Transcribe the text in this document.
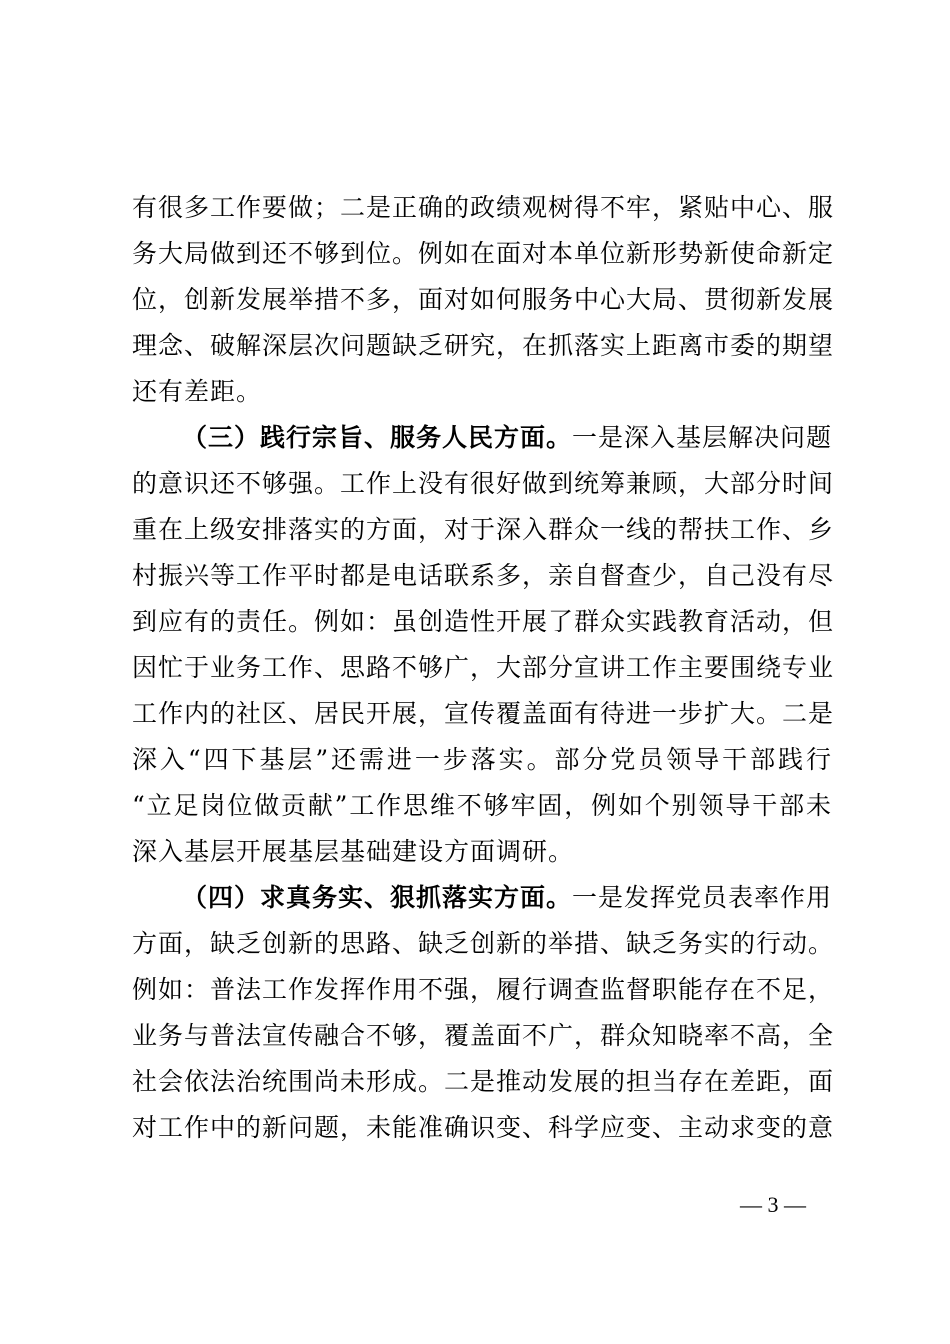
有很多工作要做；二是正确的政绩观树得不牢，紧贴中心、服
务大局做到还不够到位。例如在面对本单位新形势新使命新定
位，创新发展举措不多，面对如何服务中心大局、贯彻新发展
理念、破解深层次问题缺乏研究，在抓落实上距离市委的期望
还有差距。
（三）践行宗旨、服务人民方面。一是深入基层解决问题
的意识还不够强。工作上没有很好做到统筹兼顾，大部分时间
重在上级安排落实的方面，对于深入群众一线的帮扶工作、乡
村振兴等工作平时都是电话联系多，亲自督查少，自己没有尽
到应有的责任。例如：虽创造性开展了群众实践教育活动，但
因忙于业务工作、思路不够广，大部分宣讲工作主要围绕专业
工作内的社区、居民开展，宣传覆盖面有待进一步扩大。二是
深入“四下基层”还需进一步落实。部分党员领导干部践行
“立足岗位做贡献”工作思维不够牢固，例如个别领导干部未
深入基层开展基层基础建设方面调研。
（四）求真务实、狠抓落实方面。一是发挥党员表率作用
方面，缺乏创新的思路、缺乏创新的举措、缺乏务实的行动。
例如：普法工作发挥作用不强，履行调查监督职能存在不足，
业务与普法宣传融合不够，覆盖面不广，群众知晓率不高，全
社会依法治统围尚未形成。二是推动发展的担当存在差距，面
对工作中的新问题，未能准确识变、科学应变、主动求变的意
— 3 —
